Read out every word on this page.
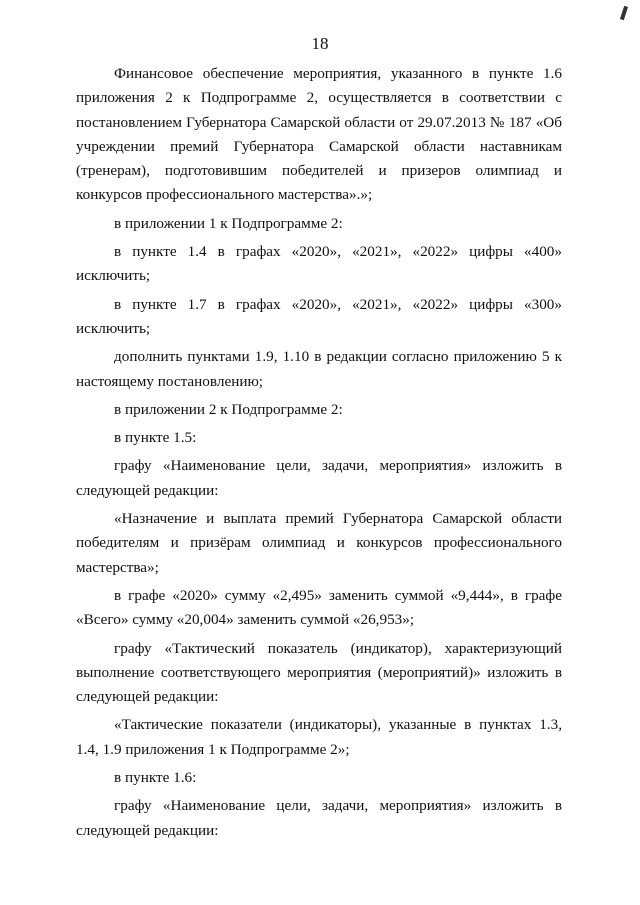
18

Финансовое обеспечение мероприятия, указанного в пункте 1.6 приложения 2 к Подпрограмме 2, осуществляется в соответствии с постановлением Губернатора Самарской области от 29.07.2013 № 187 «Об учреждении премий Губернатора Самарской области наставникам (тренерам), подготовившим победителей и призеров олимпиад и конкурсов профессионального мастерства».»;

в приложении 1 к Подпрограмме 2:

в пункте 1.4 в графах «2020», «2021», «2022» цифры «400» исключить;

в пункте 1.7 в графах «2020», «2021», «2022» цифры «300» исключить;

дополнить пунктами 1.9, 1.10 в редакции согласно приложению 5 к настоящему постановлению;

в приложении 2 к Подпрограмме 2:

в пункте 1.5:

графу «Наименование цели, задачи, мероприятия» изложить в следующей редакции:

«Назначение и выплата премий Губернатора Самарской области победителям и призёрам олимпиад и конкурсов профессионального мастерства»;

в графе «2020» сумму «2,495» заменить суммой «9,444», в графе «Всего» сумму «20,004» заменить суммой «26,953»;

графу «Тактический показатель (индикатор), характеризующий выполнение соответствующего мероприятия (мероприятий)» изложить в следующей редакции:

«Тактические показатели (индикаторы), указанные в пунктах 1.3, 1.4, 1.9 приложения 1 к Подпрограмме 2»;

в пункте 1.6:

графу «Наименование цели, задачи, мероприятия» изложить в следующей редакции:
